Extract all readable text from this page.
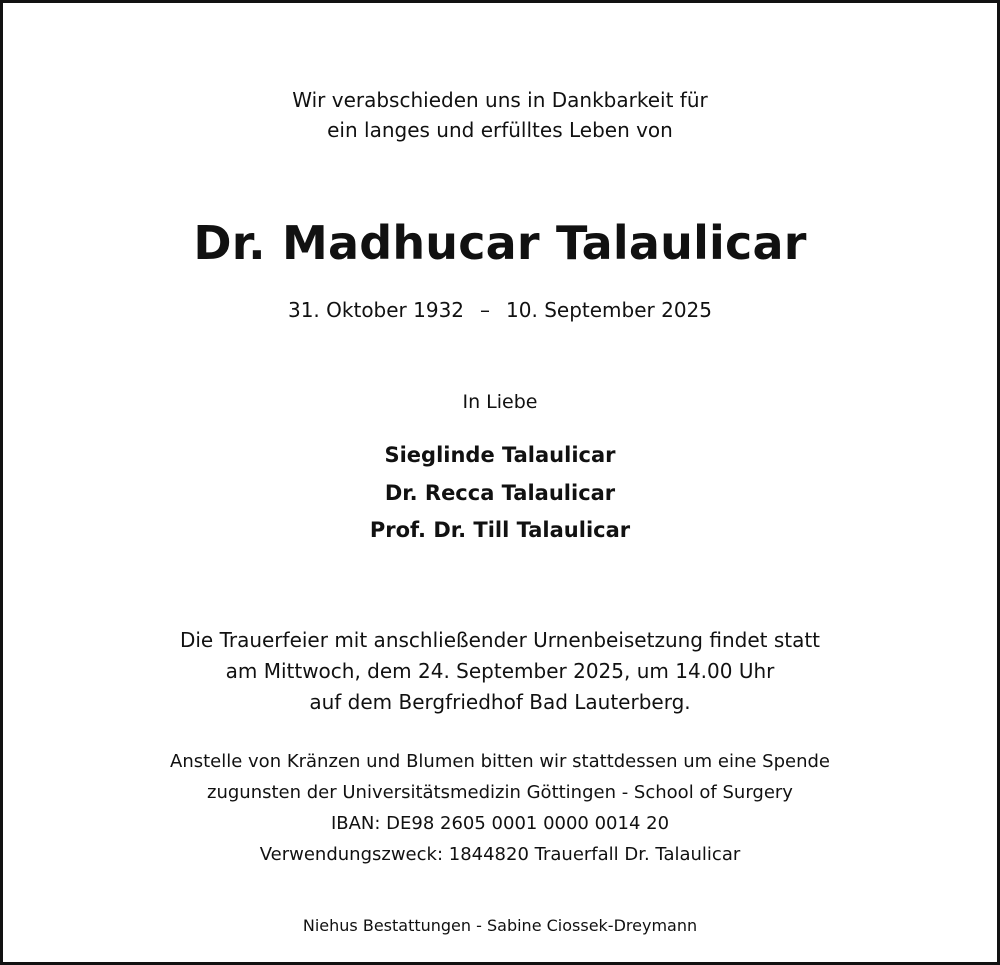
Wir verabschieden uns in Dankbarkeit für
ein langes und erfülltes Leben von
Dr. Madhucar Talaulicar
31. Oktober 1932 – 10. September 2025
In Liebe
Sieglinde Talaulicar
Dr. Recca Talaulicar
Prof. Dr. Till Talaulicar
Die Trauerfeier mit anschließender Urnenbeisetzung findet statt
am Mittwoch, dem 24. September 2025, um 14.00 Uhr
auf dem Bergfriedhof Bad Lauterberg.
Anstelle von Kränzen und Blumen bitten wir stattdessen um eine Spende
zugunsten der Universitätsmedizin Göttingen - School of Surgery
IBAN: DE98 2605 0001 0000 0014 20
Verwendungszweck: 1844820 Trauerfall Dr. Talaulicar
Niehus Bestattungen - Sabine Ciossek-Dreymann
